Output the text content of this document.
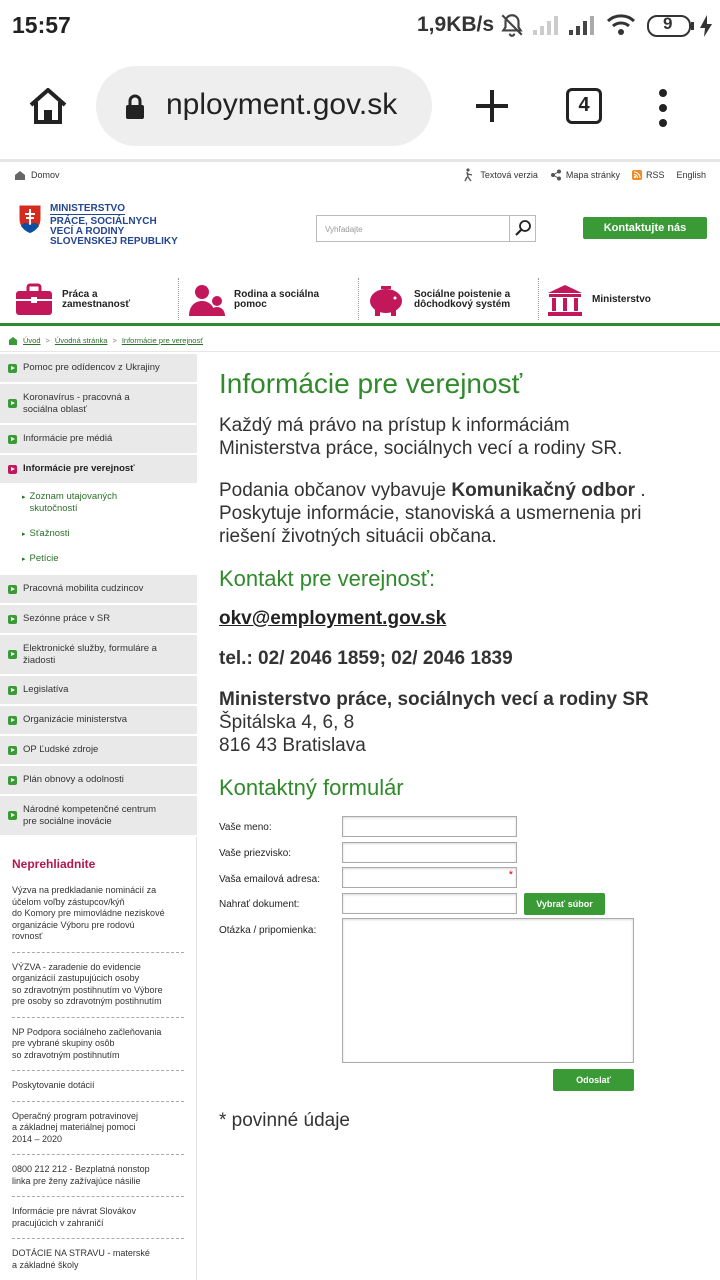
15:57	1,9KB/s	9
nployment.gov.sk	4
Domov	Textová verzia	Mapa stránky	RSS English
MINISTERSTVO
PRÁCE, SOCIÁLNYCH
VECÍ A RODINY
SLOVENSKEJ REPUBLIKY
Vyhľadajte	Kontaktujte nás
Práca a
zamestnanosť
Rodina a sociálna
pomoc
Sociálne poistenie a
dôchodkový systém	Ministerstvo
Úvod > Úvodná stránka > Informácie pre verejnosť
Pomoc pre odídencov z Ukrajiny
Koronavírus - pracovná a
sociálna oblasť
Informácie pre médiá
Informácie pre verejnosť
▸ Zoznam utajovaných
skutočností
▸ Sťažnosti
▸ Petície
Pracovná mobilita cudzincov
Sezónne práce v SR
Elektronické služby, formuláre a
žiadosti
Legislatíva
Organizácie ministerstva
OP Ľudské zdroje
Plán obnovy a odolnosti
Národné kompetenčné centrum
pre sociálne inovácie
Neprehliadnite
Výzva na predkladanie nominácií za
účelom voľby zástupcov/kýň
do Komory pre mimovládne neziskové
organizácie Výboru pre rodovú
rovnosť
VÝZVA - zaradenie do evidencie
organizácií zastupujúcich osoby
so zdravotným postihnutím vo Výbore
pre osoby so zdravotným postihnutím
NP Podpora sociálneho začleňovania
pre vybrané skupiny osôb
so zdravotným postihnutím
Poskytovanie dotácií
Operačný program potravinovej
a základnej materiálnej pomoci
2014 – 2020
0800 212 212 - Bezplatná nonstop
linka pre ženy zažívajúce násilie
Informácie pre návrat Slovákov
pracujúcich v zahraničí
DOTÁCIE NA STRAVU - materské
a základné školy
Informácie pre verejnosť

Každý má právo na prístup k informáciám
Ministerstva práce, sociálnych vecí a rodiny SR.

Podania občanov vybavuje Komunikačný odbor .
Poskytuje informácie, stanoviská a usmernenia pri
riešení životných situácii občana.

Kontakt pre verejnosť:

okv@employment.gov.sk

tel.: 02/ 2046 1859; 02/ 2046 1839

Ministerstvo práce, sociálnych vecí a rodiny SR
Špitálska 4, 6, 8
816 43 Bratislava

Kontaktný formulár
Vaše meno:
Vaše priezvisko:
Vaša emailová adresa:	*
Nahrať dokument:	Vybrať súbor
Otázka / pripomienka:
Odoslať

* povinné údaje
